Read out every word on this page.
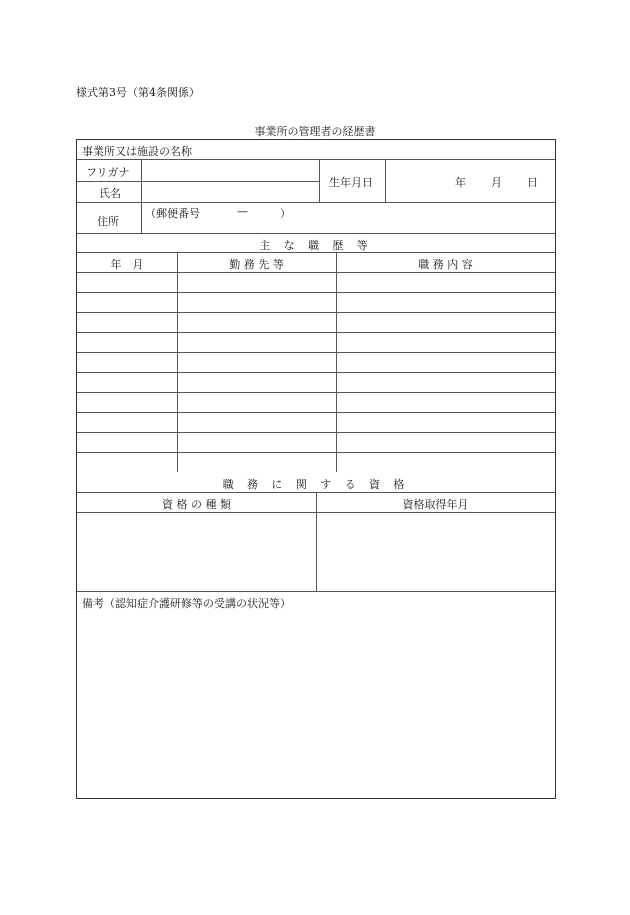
様式第3号（第4条関係）
事業所の管理者の経歴書
事業所又は施設の名称
フリガナ
氏名
生年月日	年 月 日
住所
（郵便番号	—	）
主 な 職 歴 等
年　月	勤 務 先 等	職 務 内 容
職 務 に 関 す る 資 格
資 格 の 種 類	資格取得年月
備考（認知症介護研修等の受講の状況等）
